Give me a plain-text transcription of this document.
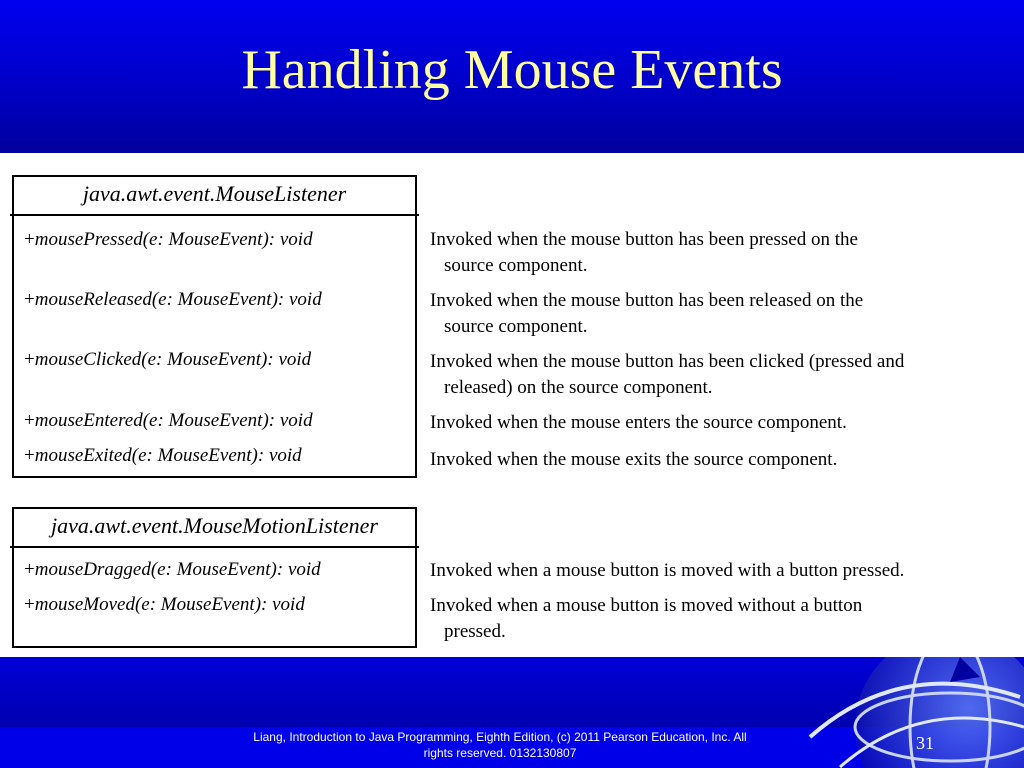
Handling Mouse Events
java.awt.event.MouseListener
+mousePressed(e: MouseEvent): void
+mouseReleased(e: MouseEvent): void
+mouseClicked(e: MouseEvent): void
+mouseEntered(e: MouseEvent): void
+mouseExited(e: MouseEvent): void
Invoked when the mouse button has been pressed on the
source component.
Invoked when the mouse button has been released on the
source component.
Invoked when the mouse button has been clicked (pressed and
released) on the source component.
Invoked when the mouse enters the source component.
Invoked when the mouse exits the source component.
java.awt.event.MouseMotionListener
+mouseDragged(e: MouseEvent): void
+mouseMoved(e: MouseEvent): void
Invoked when a mouse button is moved with a button pressed.
Invoked when a mouse button is moved without a button
pressed.
Liang, Introduction to Java Programming, Eighth Edition, (c) 2011 Pearson Education, Inc. All
rights reserved. 0132130807	31
